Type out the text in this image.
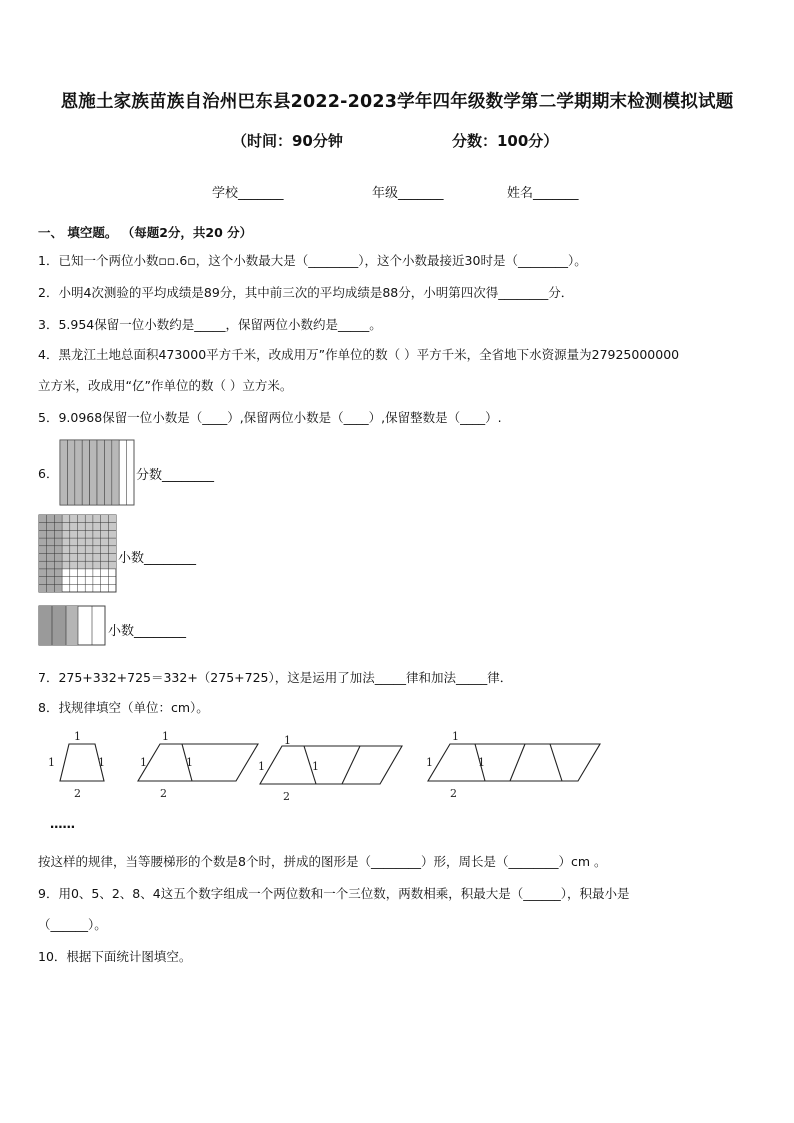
恩施土家族苗族自治州巴东县2022-2023学年四年级数学第二学期期末检测模拟试题
（时间：90分钟	分数：100分）
学校_______	年级_______	姓名_______
一、 填空题。 （每题2分，共20 分）
1．已知一个两位小数▫▫.6▫，这个小数最大是（________），这个小数最接近30时是（________）。
2．小明4次测验的平均成绩是89分，其中前三次的平均成绩是88分，小明第四次得________分．
3．5.954保留一位小数约是_____，保留两位小数约是_____。
4．黑龙江土地总面积473000平方千米，改成用万”作单位的数（ ）平方千米，全省地下水资源量为27925000000
立方米，改成用“亿”作单位的数（ ）立方米。
5．9.0968保留一位小数是（____）,保留两位小数是（____）,保留整数是（____）.
6．	分数________
小数________
小数________
7．275+332+725＝332+（275+725），这是运用了加法_____律和加法_____律．
8．找规律填空（单位：cm）。
1
1	1
2
1
1	1
2
1
1	1
2
1
1	1
2
……
按这样的规律，当等腰梯形的个数是8个时，拼成的图形是（________）形，周长是（________）cm 。
9．用0、5、2、8、4这五个数字组成一个两位数和一个三位数，两数相乘，积最大是（______），积最小是
（______）。
10．根据下面统计图填空。
